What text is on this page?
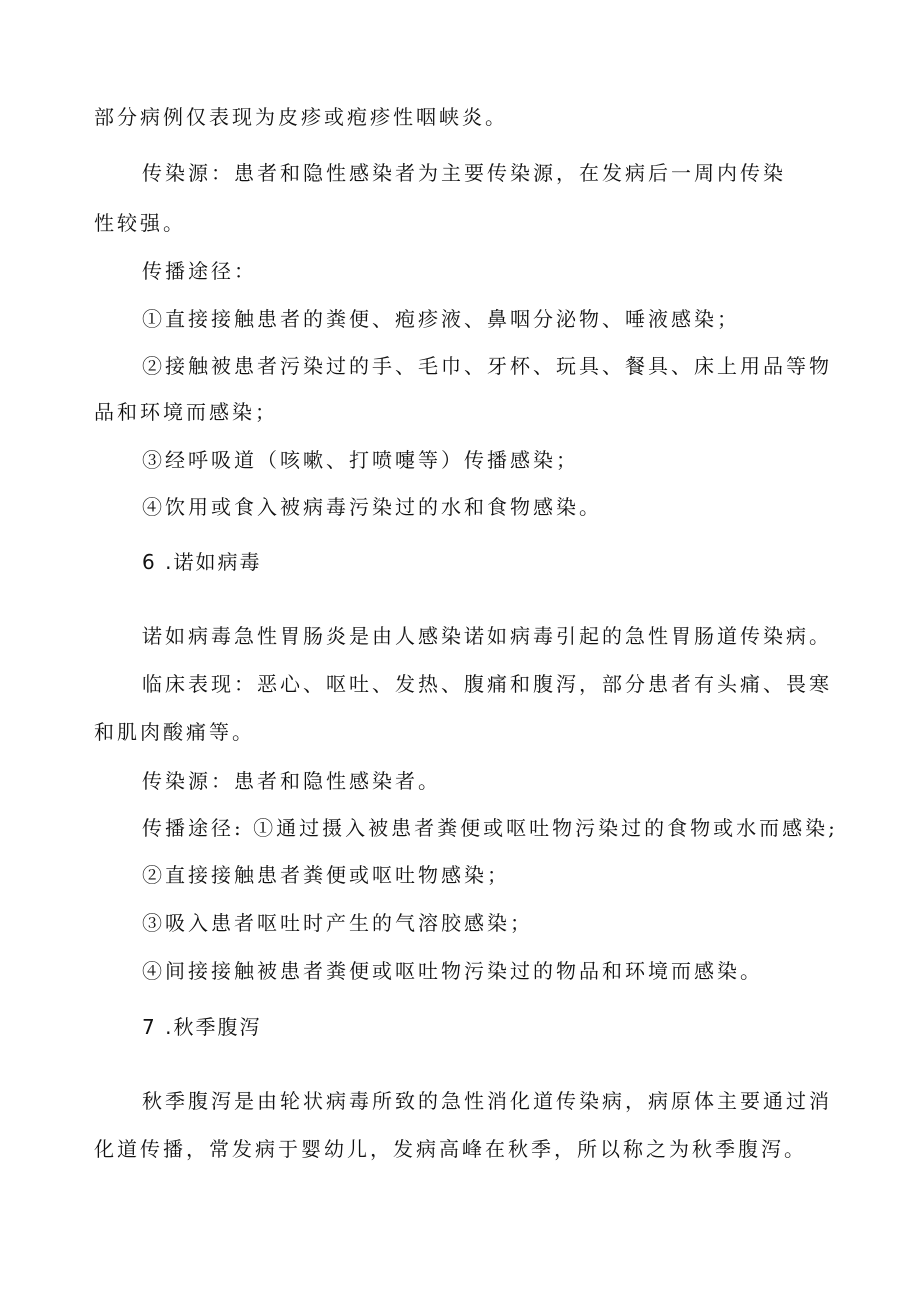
部分病例仅表现为皮疹或疱疹性咽峡炎。
传染源：患者和隐性感染者为主要传染源，在发病后一周内传染
性较强。
传播途径：
①直接接触患者的粪便、疱疹液、鼻咽分泌物、唾液感染；
②接触被患者污染过的手、毛巾、牙杯、玩具、餐具、床上用品等物
品和环境而感染；
③经呼吸道（咳嗽、打喷嚏等）传播感染；
④饮用或食入被病毒污染过的水和食物感染。
6 .诺如病毒
诺如病毒急性胃肠炎是由人感染诺如病毒引起的急性胃肠道传染病。
临床表现：恶心、呕吐、发热、腹痛和腹泻，部分患者有头痛、畏寒
和肌肉酸痛等。
传染源：患者和隐性感染者。
传播途径: ①通过摄入被患者粪便或呕吐物污染过的食物或水而感染;
②直接接触患者粪便或呕吐物感染；
③吸入患者呕吐时产生的气溶胶感染；
④间接接触被患者粪便或呕吐物污染过的物品和环境而感染。
7 .秋季腹泻
秋季腹泻是由轮状病毒所致的急性消化道传染病，病原体主要通过消
化道传播，常发病于婴幼儿，发病高峰在秋季，所以称之为秋季腹泻。
